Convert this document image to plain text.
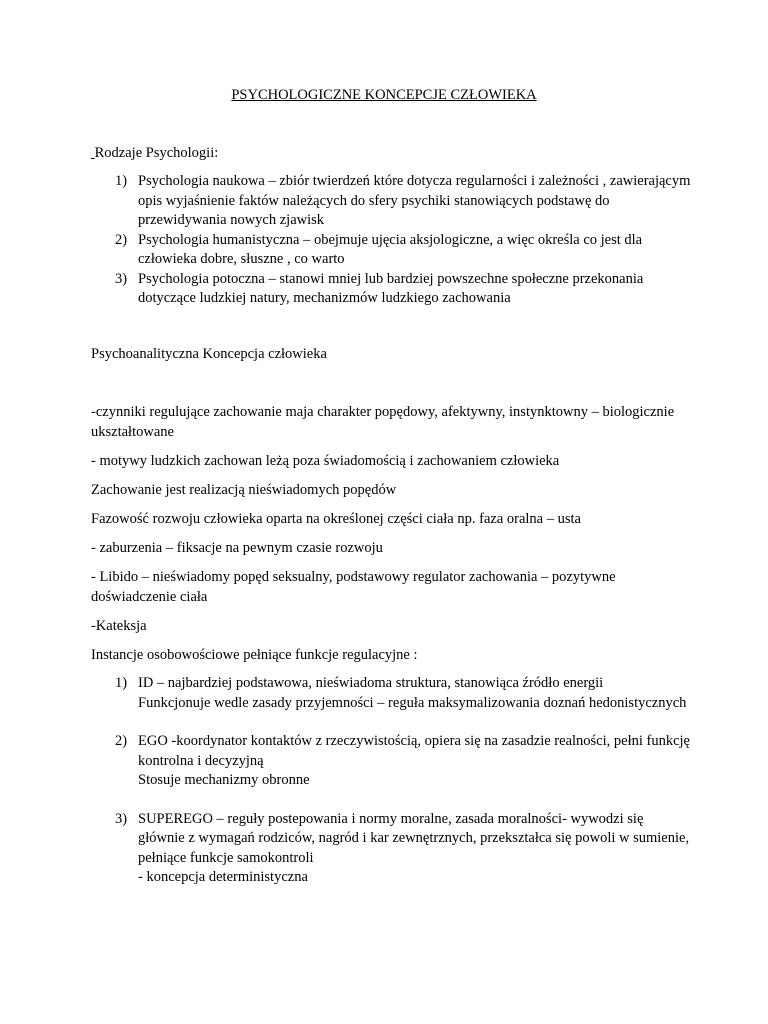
PSYCHOLOGICZNE KONCEPCJE CZŁOWIEKA

Rodzaje Psychologii:

1) Psychologia naukowa – zbiór twierdzeń które dotycza regularności i zależności , zawierającym opis wyjaśnienie faktów należących do sfery psychiki stanowiących podstawę do przewidywania nowych zjawisk
2) Psychologia humanistyczna – obejmuje ujęcia aksjologiczne, a więc określa co jest dla człowieka dobre, słuszne , co warto
3) Psychologia potoczna – stanowi mniej lub bardziej powszechne społeczne przekonania dotyczące ludzkiej natury, mechanizmów ludzkiego zachowania

Psychoanalityczna Koncepcja człowieka

-czynniki regulujące zachowanie maja charakter popędowy, afektywny, instynktowny – biologicznie ukształtowane

- motywy ludzkich zachowan leżą poza świadomością i zachowaniem człowieka

Zachowanie jest realizacją nieświadomych popędów

Fazowość rozwoju człowieka oparta na określonej części ciała np. faza oralna – usta

- zaburzenia – fiksacje na pewnym czasie rozwoju

- Libido – nieświadomy popęd seksualny, podstawowy regulator zachowania – pozytywne doświadczenie ciała

-Kateksja

Instancje osobowościowe pełniące funkcje regulacyjne :

1) ID – najbardziej podstawowa, nieświadoma struktura, stanowiąca źródło energii
Funkcjonuje wedle zasady przyjemności – reguła maksymalizowania doznań hedonistycznych
2) EGO -koordynator kontaktów z rzeczywistością, opiera się na zasadzie realności, pełni funkcję kontrolna i decyzyjną
Stosuje mechanizmy obronne
3) SUPEREGO – reguły postepowania i normy moralne, zasada moralności- wywodzi się głównie z wymagań rodziców, nagród i kar zewnętrznych, przekształca się powoli w sumienie, pełniące funkcje samokontroli
- koncepcja deterministyczna
